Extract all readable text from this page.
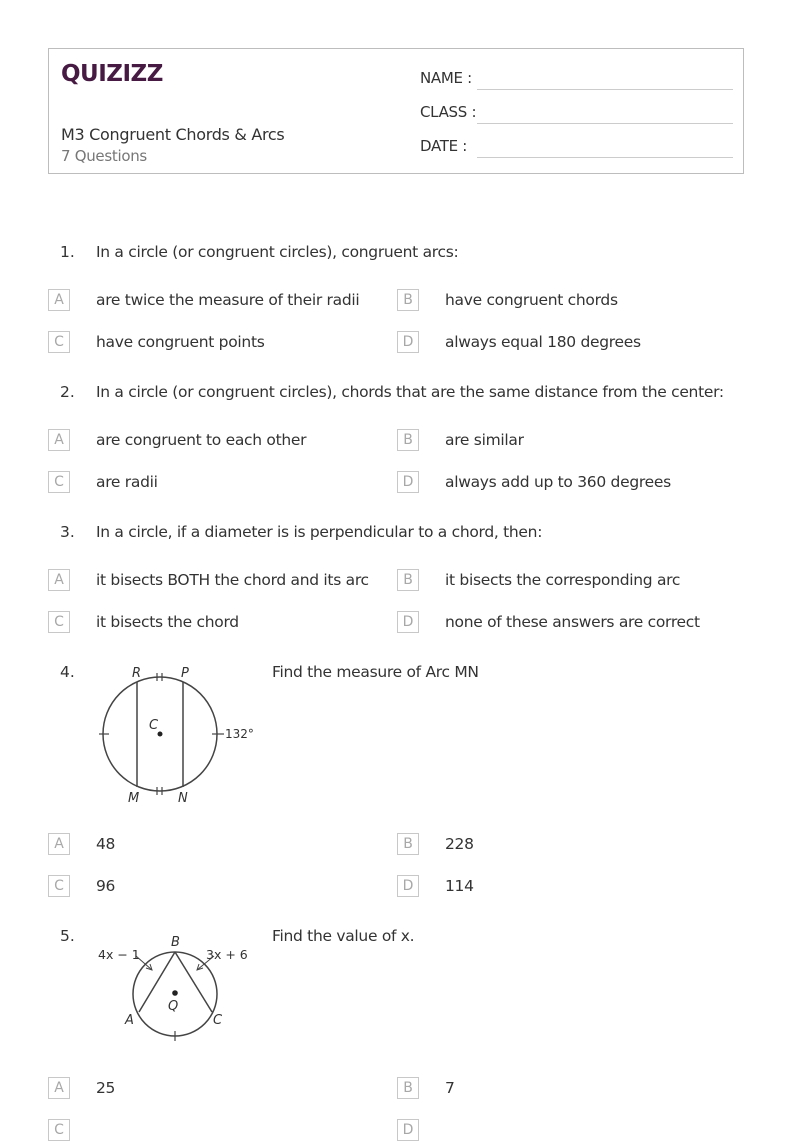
QUIZIZZ
M3 Congruent Chords & Arcs
7 Questions
NAME :
CLASS :
DATE :
1. In a circle (or congruent circles), congruent arcs:
A	are twice the measure of their radii	B	have congruent chords
C	have congruent points	D	always equal 180 degrees
2. In a circle (or congruent circles), chords that are the same distance from the center:
A	are congruent to each other	B	are similar
C	are radii	D	always add up to 360 degrees
3. In a circle, if a diameter is is perpendicular to a chord, then:
A	it bisects BOTH the chord and its arc	B	it bisects the corresponding arc
C	it bisects the chord	D	none of these answers are correct
4.	Find the measure of Arc MN
R	P
C
M	N
132°
A	48	B	228
C	96	D	114
5.	Find the value of x.
B
A	C
Q
4x − 1	3x + 6
A	25	B	7
C	D
